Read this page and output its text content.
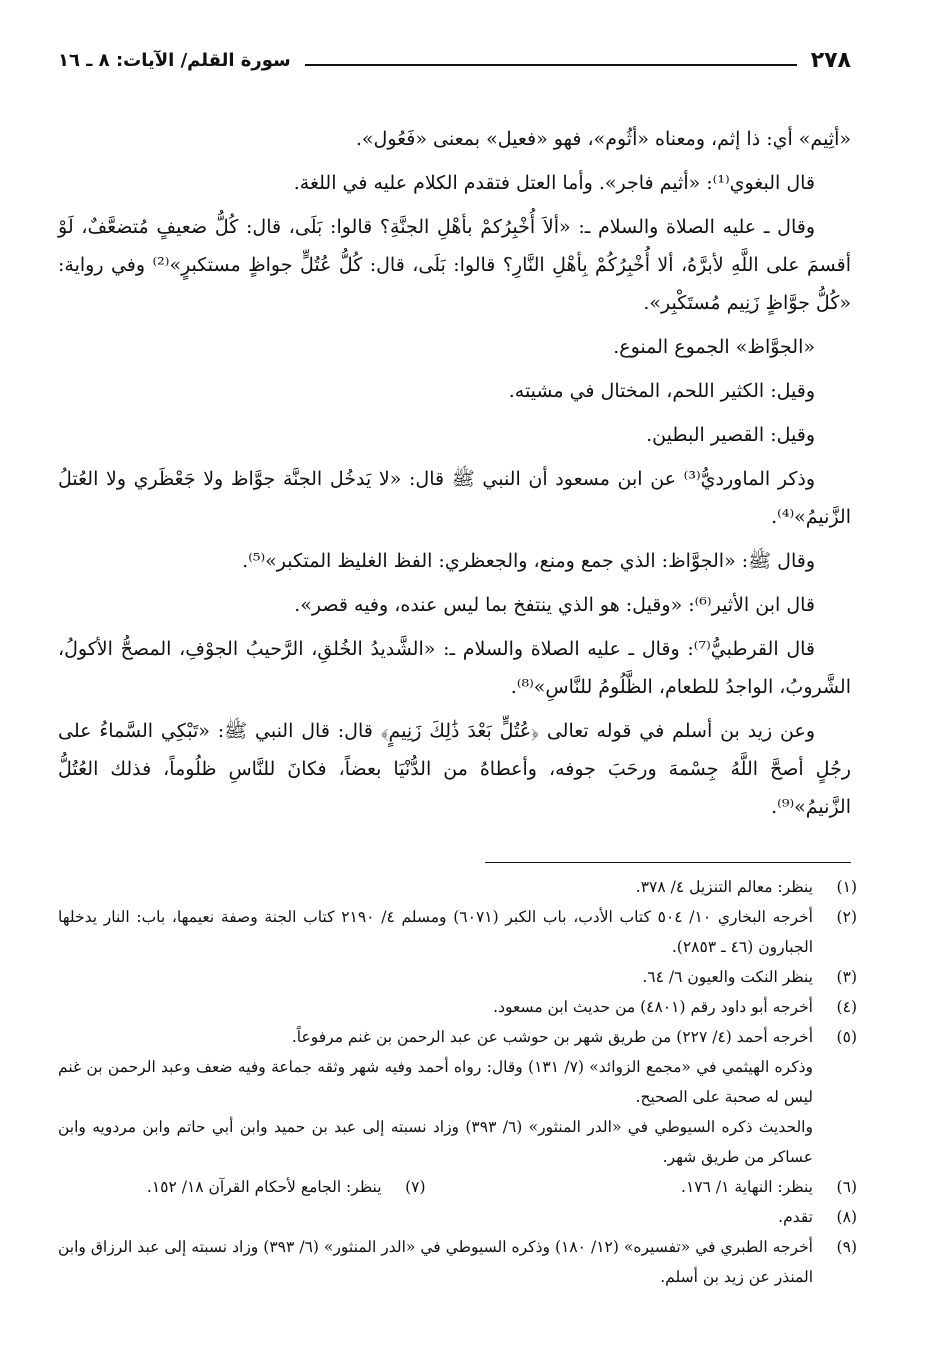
٢٧٨
سورة القلم/ الآيات: ٨ ـ ١٦

«أثِيم» أي: ذا إثم، ومعناه «أثُوم»، فهو «فعيل» بمعنى «فَعُول».

قال البغوي⁽¹⁾: «أثيم فاجر». وأما العتل فتقدم الكلام عليه في اللغة.

وقال ـ عليه الصلاة والسلام ـ: «ألاَ أُخْبِرُكمْ بأهْلِ الجنَّةِ؟ قالوا: بَلَى، قال: كُلُّ ضعيفٍ مُتضعَّفٌ، لَوْ أقسمَ على اللَّهِ لأبرَّهُ، ألا أُخْبِرُكُمْ بِأهْلِ النَّارِ؟ قالوا: بَلَى، قال: كُلُّ عُتُلٍّ جواظٍ مستكبرٍ»⁽²⁾ وفي رواية: «كُلُّ جوَّاظٍ زَنِيم مُستَكْبِر».

«الجوَّاظ» الجموع المنوع.

وقيل: الكثير اللحم، المختال في مشيته.

وقيل: القصير البطين.

وذكر الماورديُّ⁽³⁾ عن ابن مسعود أن النبي ﷺ قال: «لا يَدخُل الجنَّة جوَّاظ ولا جَعْظَري ولا العُتلُ الزَّنيمُ»⁽⁴⁾.

وقال ﷺ: «الجوَّاظ: الذي جمع ومنع، والجعظري: الفظ الغليظ المتكبر»⁽⁵⁾.

قال ابن الأثير⁽⁶⁾: «وقيل: هو الذي ينتفخ بما ليس عنده، وفيه قصر».

قال القرطبيُّ⁽⁷⁾: وقال ـ عليه الصلاة والسلام ـ: «الشَّديدُ الخُلقِ، الرَّحيبُ الجوْفِ، المصحُّ الأكولُ، الشَّروبُ، الواجدُ للطعام، الظَّلُومُ للنَّاسِ»⁽⁸⁾.

وعن زيد بن أسلم في قوله تعالى ﴿عُتُلٍّ بَعْدَ ذَٰلِكَ زَنِيمٍ﴾ قال: قال النبي ﷺ: «تَبْكِي السَّماءُ على رجُلٍ أصحَّ اللَّهُ جِسْمهَ ورحَبَ جوفه، وأعطاهُ من الدُّنْيَا بعضاً، فكانَ للنَّاسِ ظلُوماً، فذلك العُتُلُّ الزَّنيمُ»⁽⁹⁾.

(١)
ينظر: معالم التنزيل ٤/ ٣٧٨.
(٢)
أخرجه البخاري ١٠/ ٥٠٤ كتاب الأدب، باب الكبر (٦٠٧١) ومسلم ٤/ ٢١٩٠ كتاب الجنة وصفة نعيمها، باب: النار يدخلها الجبارون (٤٦ ـ ٢٨٥٣).
(٣)
ينظر النكت والعيون ٦/ ٦٤.
(٤)
أخرجه أبو داود رقم (٤٨٠١) من حديث ابن مسعود.
(٥)
أخرجه أحمد (٤/ ٢٢٧) من طريق شهر بن حوشب عن عبد الرحمن بن غنم مرفوعاً.
وذكره الهيثمي في «مجمع الزوائد» (٧/ ١٣١) وقال: رواه أحمد وفيه شهر وثقه جماعة وفيه ضعف وعبد الرحمن بن غنم ليس له صحبة على الصحيح.
والحديث ذكره السيوطي في «الدر المنثور» (٦/ ٣٩٣) وزاد نسبته إلى عبد بن حميد وابن أبي حاتم وابن مردويه وابن عساكر من طريق شهر.
(٦)
ينظر: النهاية ١/ ١٧٦.
(٧)
ينظر: الجامع لأحكام القرآن ١٨/ ١٥٢.
(٨)
تقدم.
(٩)
أخرجه الطبري في «تفسيره» (١٢/ ١٨٠) وذكره السيوطي في «الدر المنثور» (٦/ ٣٩٣) وزاد نسبته إلى عبد الرزاق وابن المنذر عن زيد بن أسلم.
